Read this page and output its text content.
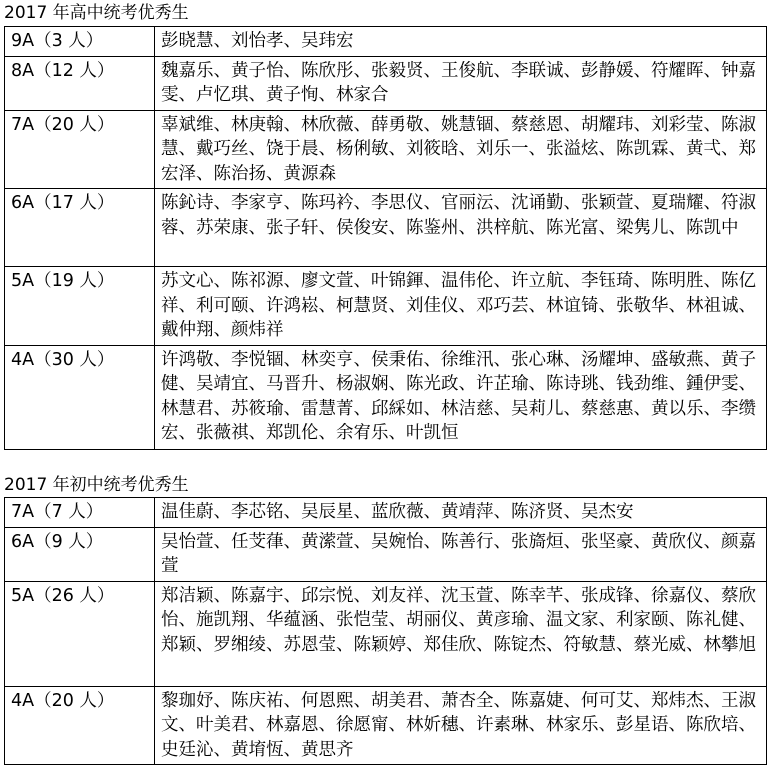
2017 年高中统考优秀生
9A（3 人）	彭晓慧、刘怡孝、吴玮宏
8A（12 人）	魏嘉乐、黄子怡、陈欣彤、张毅贤、王俊航、李联诚、彭静媛、符耀晖、钟嘉雯、卢忆琪、黄子恂、林家合
7A（20 人）	辜斌维、林庚翰、林欣薇、薛勇敬、姚慧锢、蔡慈恩、胡耀玮、刘彩莹、陈淑慧、戴巧丝、饶于晨、杨俐敏、刘筱晗、刘乐一、张溢炫、陈凯霖、黄弌、郑宏泽、陈治扬、黄源森
6A（17 人）	陈鈊诗、李家亨、陈玛衿、李思仪、官丽沄、沈诵勤、张颖萱、夏瑞耀、符淑蓉、苏荣康、张子轩、侯俊安、陈鉴州、洪梓航、陈光富、梁隽儿、陈凯中
5A（19 人）	苏文心、陈祁源、廖文萱、叶锦鍕、温伟伦、许立航、李钰琦、陈明胜、陈亿祥、利可颐、许鸿崧、柯慧贤、刘佳仪、邓巧芸、林谊锜、张敬华、林祖诚、戴仲翔、颜炜祥
4A（30 人）	许鸿敬、李悦锢、林奕亨、侯秉佑、徐维汛、张心琳、汤耀坤、盛敏燕、黄子健、吴靖宜、马晋升、杨淑娴、陈光政、许芷瑜、陈诗珧、钱劲维、鍾伊雯、林慧君、苏筱瑜、雷慧菁、邱綵如、林洁慈、吴莉儿、蔡慈惠、黄以乐、李缵宏、张薇祺、郑凯伦、余宥乐、叶凯恒
2017 年初中统考优秀生
7A（7 人）	温佳蔚、李芯铭、吴辰星、蓝欣薇、黄靖萍、陈济贤、吴杰安
6A（9 人）	吴怡萱、任芠葎、黄潆萱、吴婉怡、陈善行、张旖烜、张坚豪、黄欣仪、颜嘉萱
5A（26 人）	郑洁颖、陈嘉宇、邱宗悦、刘友祥、沈玉萱、陈幸芊、张成锋、徐嘉仪、蔡欣怡、施凯翔、华蕴涵、张恺莹、胡丽仪、黄彦瑜、温文家、利家颐、陈礼健、郑颖、罗缃绫、苏恩莹、陈颖婷、郑佳欣、陈锭杰、符敏慧、蔡光威、林攀旭
4A（20 人）	黎珈妤、陈庆祐、何恩熙、胡美君、萧杏全、陈嘉婕、何可艾、郑炜杰、王淑文、叶美君、林嘉恩、徐愿甯、林妡穗、许素琳、林家乐、彭星语、陈欣培、史廷沁、黄堉恆、黄思齐
